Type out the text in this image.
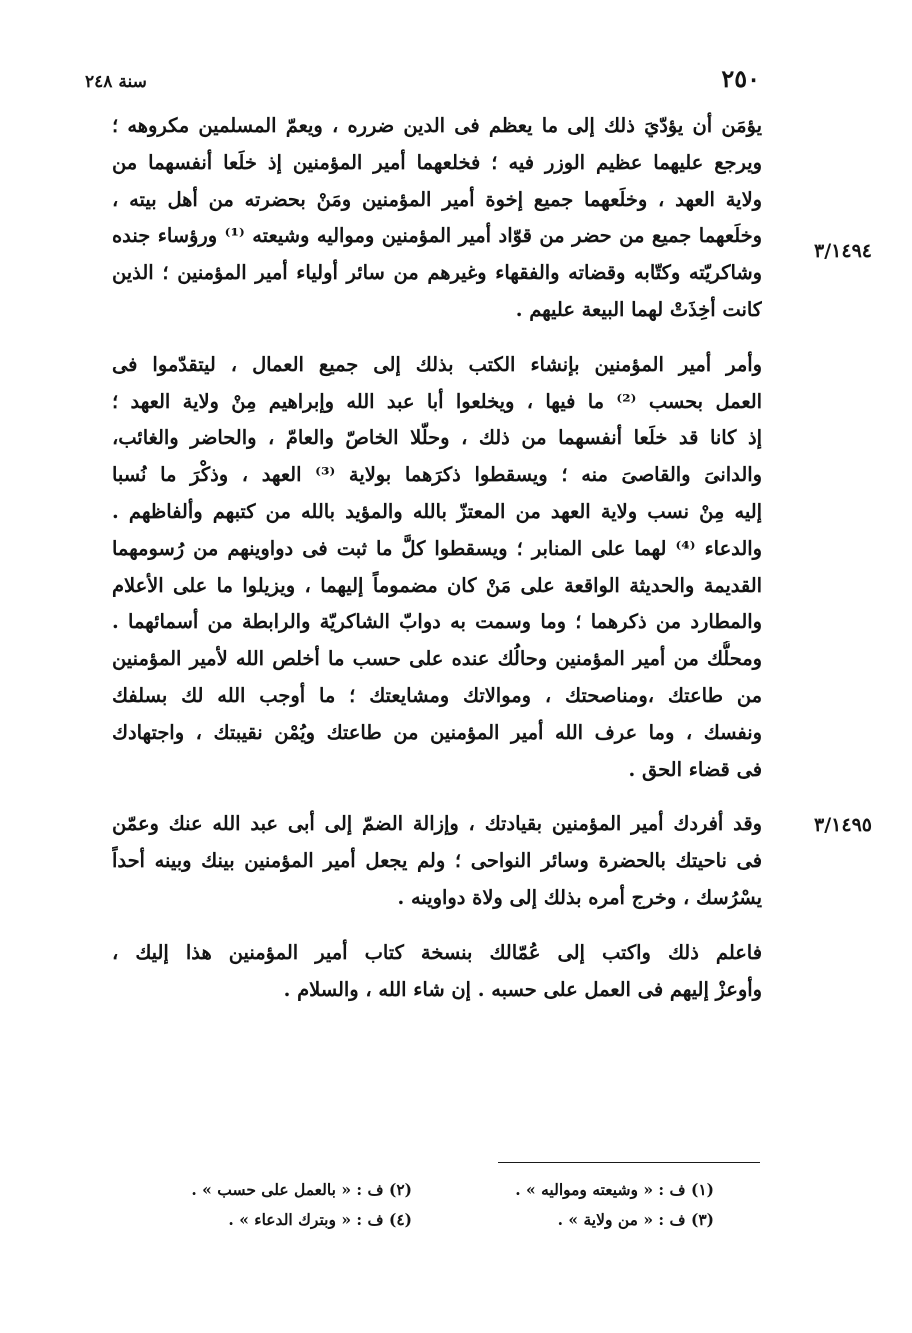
٢٥٠
سنة ٢٤٨
يؤمَن أن يؤدّيَ ذلك إلى ما يعظم فى الدين ضرره ، ويعمّ المسلمين مكروهه ؛
ويرجع عليهما عظيم الوزر فيه ؛ فخلعهما أمير المؤمنين إذ خلَعا أنفسهما من
ولاية العهد ، وخلَعهما جميع إخوة أمير المؤمنين ومَنْ بحضرته من أهل بيته ،
وخلَعهما جميع من حضر من قوّاد أمير المؤمنين ومواليه وشيعته ⁽¹⁾ ورؤساء جنده
وشاكريّته وكتّابه وقضاته والفقهاء وغيرهم من سائر أولياء أمير المؤمنين ؛ الذين
كانت أخِذَتْ لهما البيعة عليهم .
وأمر أمير المؤمنين بإنشاء الكتب بذلك إلى جميع العمال ، ليتقدّموا فى
العمل بحسب ⁽²⁾ ما فيها ، ويخلعوا أبا عبد الله وإبراهيم مِنْ ولاية العهد ؛
إذ كانا قد خلَعا أنفسهما من ذلك ، وحلّلا الخاصّ والعامّ ، والحاضر والغائب،
والدانىَ والقاصىَ منه ؛ ويسقطوا ذكرَهما بولاية ⁽³⁾ العهد ، وذكْرَ ما نُسبا
إليه مِنْ نسب ولاية العهد من المعتزّ بالله والمؤيد بالله من كتبهم وألفاظهم .
والدعاء ⁽⁴⁾ لهما على المنابر ؛ ويسقطوا كلَّ ما ثبت فى دواوينهم من رُسومهما
القديمة والحديثة الواقعة على مَنْ كان مضموماً إليهما ، ويزيلوا ما على الأعلام
والمطارد من ذكرهما ؛ وما وسمت به دوابّ الشاكريّة والرابطة من أسمائهما .
ومحلُّك من أمير المؤمنين وحالُك عنده على حسب ما أخلص الله لأمير المؤمنين
من طاعتك ،ومناصحتك ، وموالاتك ومشايعتك ؛ ما أوجب الله لك بسلفك
ونفسك ، وما عرف الله أمير المؤمنين من طاعتك ويُمْن نقيبتك ، واجتهادك
فى قضاء الحق .
وقد أفردك أمير المؤمنين بقيادتك ، وإزالة الضمّ إلى أبى عبد الله عنك وعمّن
فى ناحيتك بالحضرة وسائر النواحى ؛ ولم يجعل أمير المؤمنين بينك وبينه أحداً
يسْرُسك ، وخرج أمره بذلك إلى ولاة دواوينه .
فاعلم ذلك واكتب إلى عُمّالك بنسخة كتاب أمير المؤمنين هذا إليك ،
وأوعزْ إليهم فى العمل على حسبه . إن شاء الله ، والسلام .
٣/١٤٩٤
٣/١٤٩٥
(١) ف : « وشيعته ومواليه » .
(٢) ف : « بالعمل على حسب » .
(٣) ف : « من ولاية » .
(٤) ف : « وبترك الدعاء » .
